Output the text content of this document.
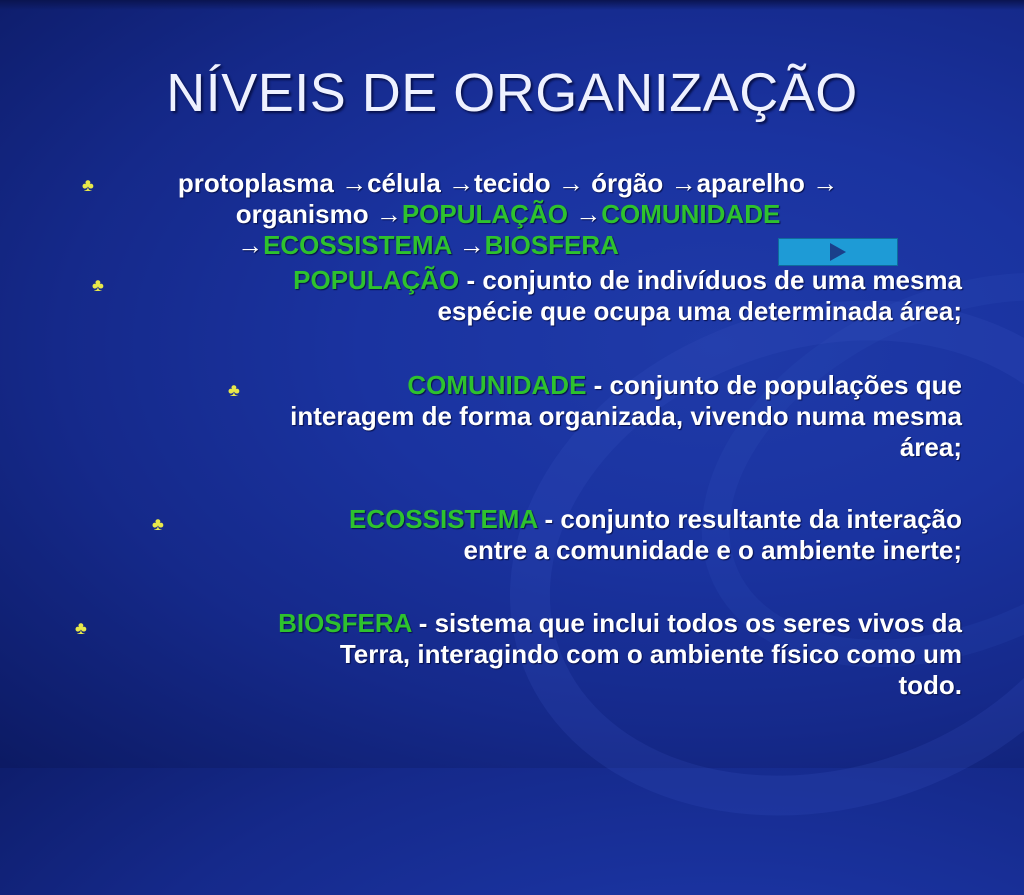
NÍVEIS DE ORGANIZAÇÃO
♣	protoplasma →célula →tecido → órgão →aparelho →
organismo →POPULAÇÃO →COMUNIDADE
→ECOSSISTEMA →BIOSFERA
♣	POPULAÇÃO - conjunto de indivíduos de uma mesma
espécie que ocupa uma determinada área;
♣	COMUNIDADE - conjunto de populações que
interagem de forma organizada, vivendo numa mesma
área;
♣	ECOSSISTEMA - conjunto resultante da interação
entre a comunidade e o ambiente inerte;
♣	BIOSFERA - sistema que inclui todos os seres vivos da
Terra, interagindo com o ambiente físico como um
todo.
